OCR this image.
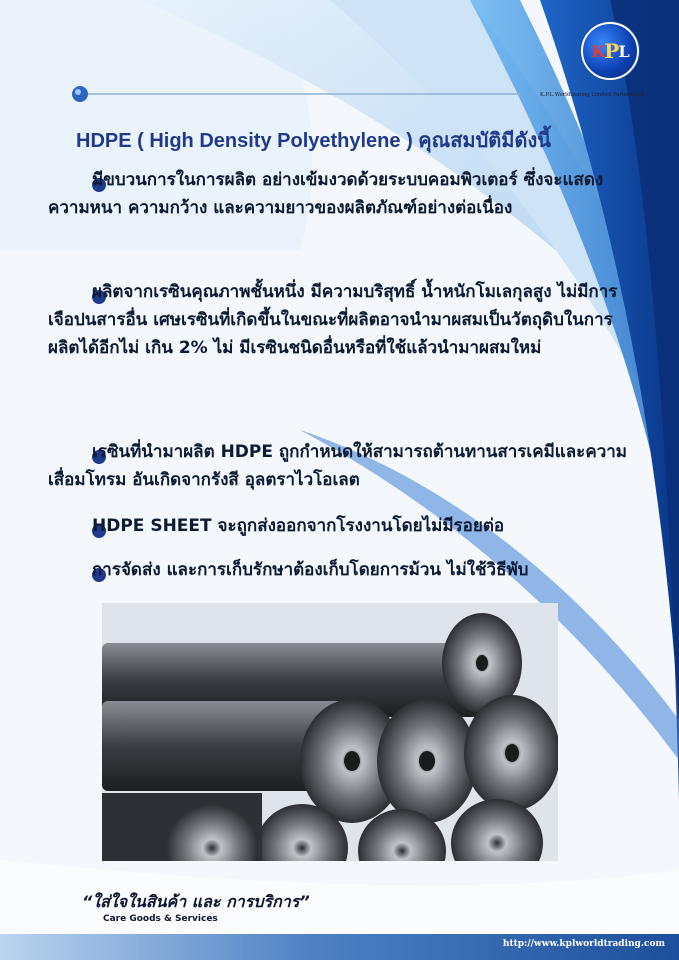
K P L
K.P.L.Worldtrading Limited Partnership
HDPE ( High Density Polyethylene ) คุณสมบัติมีดังนี้
มีขบวนการในการผลิต อย่างเข้มงวดด้วยระบบคอมพิวเตอร์ ซึ่งจะแสดงความหนา ความกว้าง และความยาวของผลิตภัณฑ์อย่างต่อเนื่อง
ผลิตจากเรซินคุณภาพชั้นหนึ่ง มีความบริสุทธิ์ น้ำหนักโมเลกุลสูง ไม่มีการเจือปนสารอื่น เศษเรซินที่เกิดขึ้นในขณะที่ผลิตอาจนำมาผสมเป็นวัตถุดิบในการผลิตได้อีกไม่ เกิน 2% ไม่ มีเรซินชนิดอื่นหรือที่ใช้แล้วนำมาผสมใหม่
เรซินที่นำมาผลิต HDPE ถูกกำหนดให้สามารถต้านทานสารเคมีและความเสื่อมโทรม อันเกิดจากรังสี อุลตราไวโอเลต
HDPE SHEET จะถูกส่งออกจากโรงงานโดยไม่มีรอยต่อ
การจัดส่ง และการเก็บรักษาต้องเก็บโดยการม้วน ไม่ใช้วิธีพับ
“ใส่ใจในสินค้า และ การบริการ”
Care Goods & Services
http://www.kplworldtrading.com
